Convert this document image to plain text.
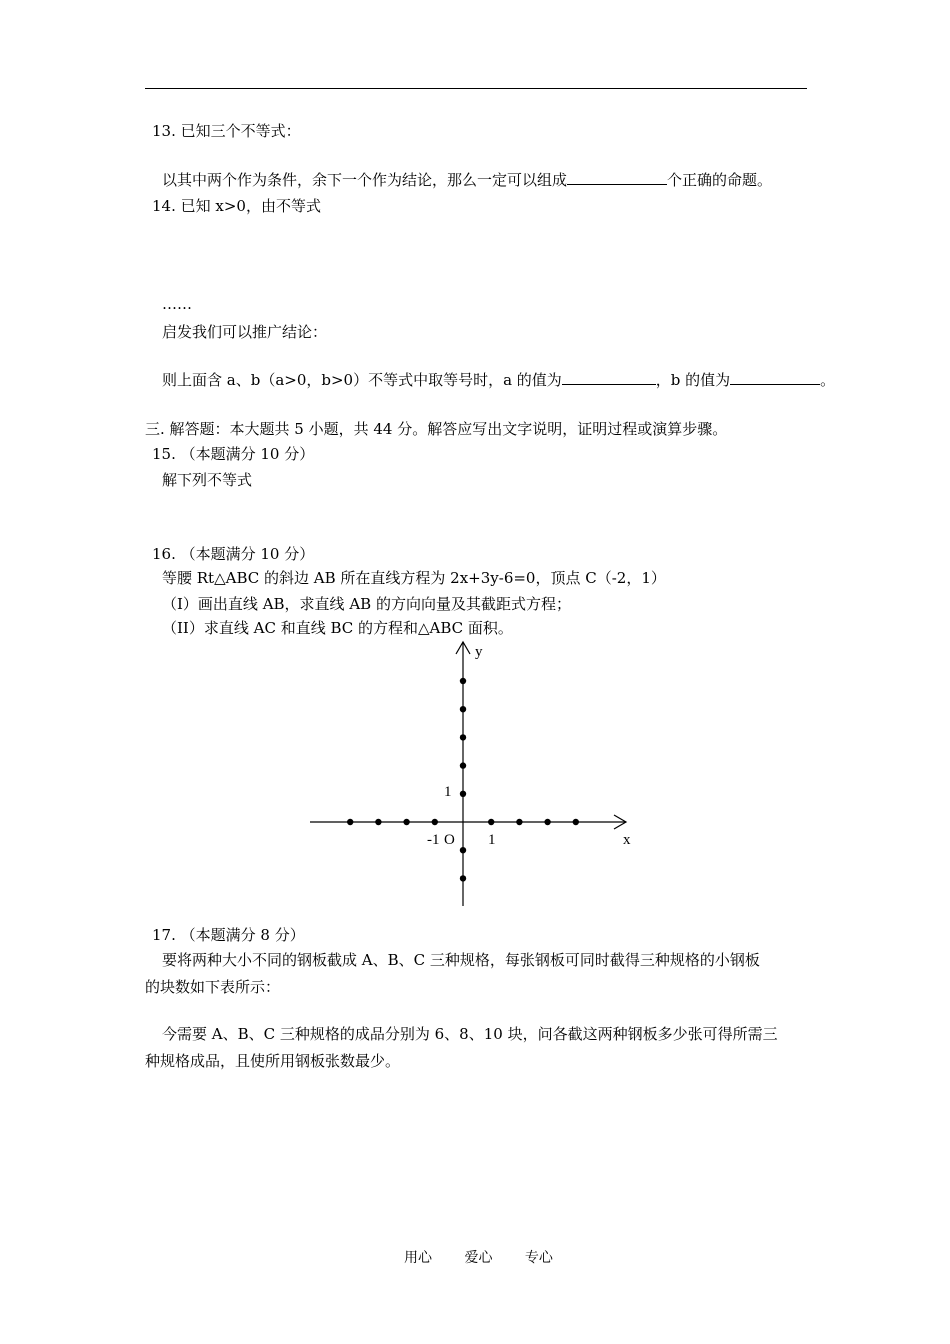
13. 已知三个不等式：
以其中两个作为条件，余下一个作为结论，那么一定可以组成	个正确的命题。
14. 已知 x>0，由不等式
……
启发我们可以推广结论：
则上面含 a、b（a>0，b>0）不等式中取等号时，a 的值为	，b 的值为	。
三. 解答题：本大题共 5 小题，共 44 分。解答应写出文字说明，证明过程或演算步骤。
15. （本题满分 10 分）
解下列不等式
16. （本题满分 10 分）
等腰 Rt△ABC 的斜边 AB 所在直线方程为 2x+3y-6=0，顶点 C（-2，1）
（I）画出直线 AB，求直线 AB 的方向向量及其截距式方程；
（II）求直线 AC 和直线 BC 的方程和△ABC 面积。
y
x
-1 O 1
1
17. （本题满分 8 分）
要将两种大小不同的钢板截成 A、B、C 三种规格，每张钢板可同时截得三种规格的小钢板
的块数如下表所示：
今需要 A、B、C 三种规格的成品分别为 6、8、10 块，问各截这两种钢板多少张可得所需三
种规格成品，且使所用钢板张数最少。
用心 爱心 专心
